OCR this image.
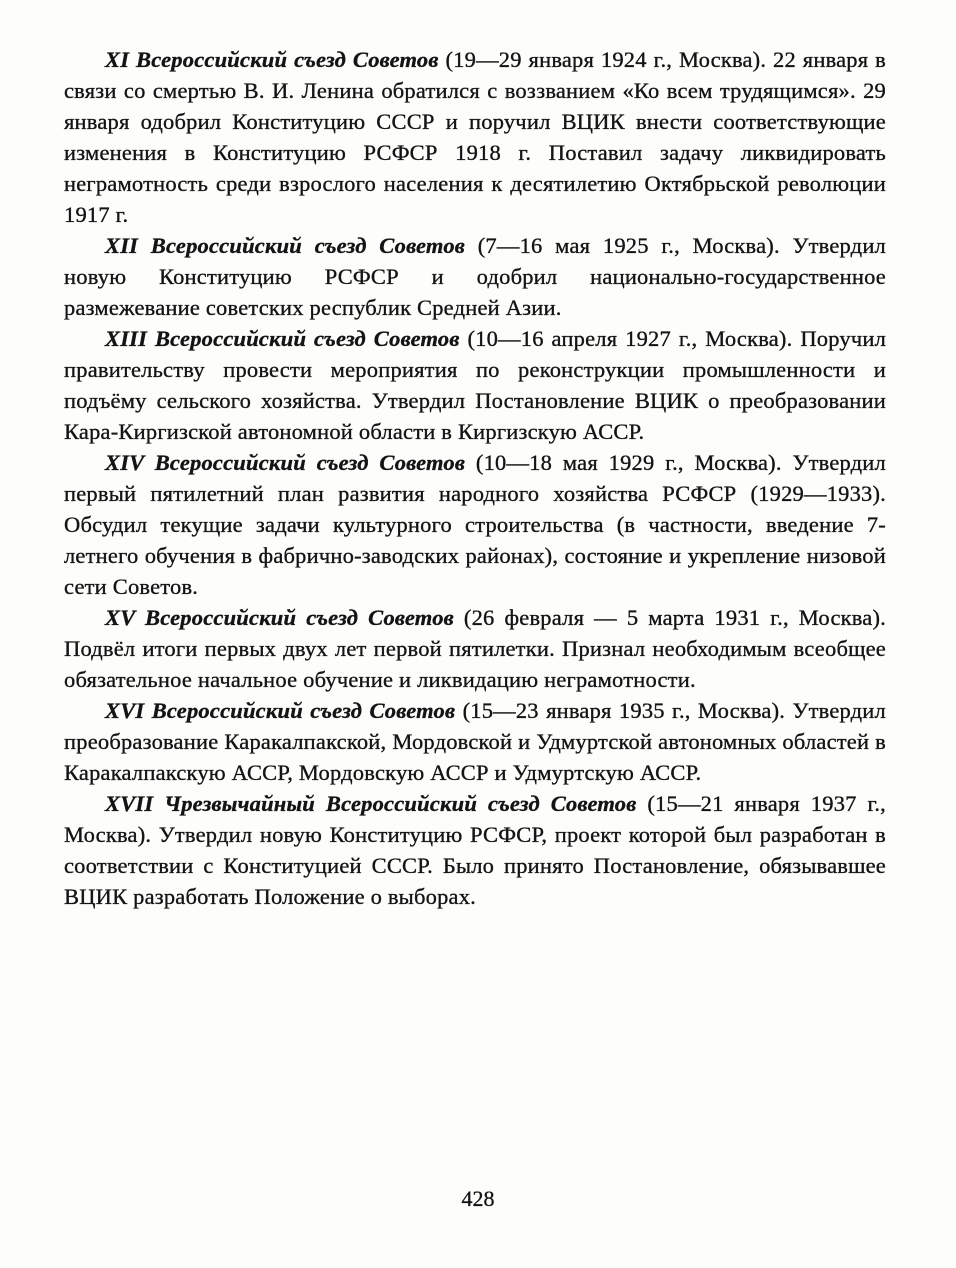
XI Всероссийский съезд Советов (19—29 января 1924 г., Москва). 22 января в связи со смертью В. И. Ленина обратился с воззванием «Ко всем трудящимся». 29 января одобрил Конституцию СССР и поручил ВЦИК внести соответствующие изменения в Конституцию РСФСР 1918 г. Поставил задачу ликвидировать неграмотность среди взрослого населения к десятилетию Октябрьской революции 1917 г.

XII Всероссийский съезд Советов (7—16 мая 1925 г., Москва). Утвердил новую Конституцию РСФСР и одобрил национально-государственное размежевание советских республик Средней Азии.

XIII Всероссийский съезд Советов (10—16 апреля 1927 г., Москва). Поручил правительству провести мероприятия по реконструкции промышленности и подъёму сельского хозяйства. Утвердил Постановление ВЦИК о преобразовании Кара-Киргизской автономной области в Киргизскую АССР.

XIV Всероссийский съезд Советов (10—18 мая 1929 г., Москва). Утвердил первый пятилетний план развития народного хозяйства РСФСР (1929—1933). Обсудил текущие задачи культурного строительства (в частности, введение 7-летнего обучения в фабрично-заводских районах), состояние и укрепление низовой сети Советов.

XV Всероссийский съезд Советов (26 февраля — 5 марта 1931 г., Москва). Подвёл итоги первых двух лет первой пятилетки. Признал необходимым всеобщее обязательное начальное обучение и ликвидацию неграмотности.

XVI Всероссийский съезд Советов (15—23 января 1935 г., Москва). Утвердил преобразование Каракалпакской, Мордовской и Удмуртской автономных областей в Каракалпакскую АССР, Мордовскую АССР и Удмуртскую АССР.

XVII Чрезвычайный Всероссийский съезд Советов (15—21 января 1937 г., Москва). Утвердил новую Конституцию РСФСР, проект которой был разработан в соответствии с Конституцией СССР. Было принято Постановление, обязывавшее ВЦИК разработать Положение о выборах.

428
